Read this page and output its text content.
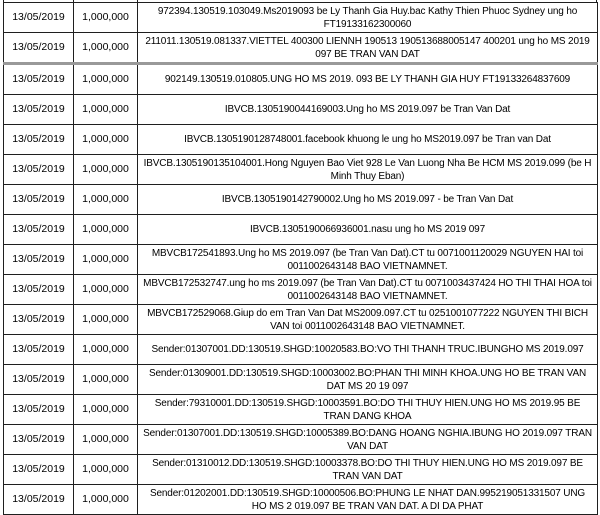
13/05/2019	1,000,000	972394.130519.103049.Ms2019093 be Ly Thanh Gia Huy.bac Kathy Thien Phuoc Sydney ung ho FT19133162300060
13/05/2019	1,000,000	211011.130519.081337.VIETTEL 400300 LIENNH 190513 190513688005147 400201 ung ho MS 2019 097 BE TRAN VAN DAT
13/05/2019	1,000,000	902149.130519.010805.UNG HO MS 2019. 093 BE LY THANH GIA HUY FT19133264837609
13/05/2019	1,000,000	IBVCB.1305190044169003.Ung ho MS 2019.097 be Tran Van Dat
13/05/2019	1,000,000	IBVCB.1305190128748001.facebook khuong le ung ho MS2019.097 be Tran van Dat
13/05/2019	1,000,000	IBVCB.1305190135104001.Hong Nguyen Bao Viet 928 Le Van Luong Nha Be HCM MS 2019.099 (be H Minh Thuy Eban)
13/05/2019	1,000,000	IBVCB.1305190142790002.Ung ho MS 2019.097 - be Tran Van Dat
13/05/2019	1,000,000	IBVCB.1305190066936001.nasu ung ho MS 2019 097
13/05/2019	1,000,000	MBVCB172541893.Ung ho MS 2019.097 (be Tran Van Dat).CT tu 0071001120029 NGUYEN HAI toi 0011002643148 BAO VIETNAMNET.
13/05/2019	1,000,000	MBVCB172532747.ung ho ms 2019.097 (be Tran Van Dat).CT tu 0071003437424 HO THI THAI HOA toi 0011002643148 BAO VIETNAMNET.
13/05/2019	1,000,000	MBVCB172529068.Giup do em Tran Van Dat MS2009.097.CT tu 0251001077222 NGUYEN THI BICH VAN toi 0011002643148 BAO VIETNAMNET.
13/05/2019	1,000,000	Sender:01307001.DD:130519.SHGD:10020583.BO:VO THI THANH TRUC.IBUNGHO MS 2019.097
13/05/2019	1,000,000	Sender:01309001.DD:130519.SHGD:10003002.BO:PHAN THI MINH KHOA.UNG HO BE TRAN VAN DAT MS 20 19 097
13/05/2019	1,000,000	Sender:79310001.DD:130519.SHGD:10003591.BO:DO THI THUY HIEN.UNG HO MS 2019.95 BE TRAN DANG KHOA
13/05/2019	1,000,000	Sender:01307001.DD:130519.SHGD:10005389.BO:DANG HOANG NGHIA.IBUNG HO 2019.097 TRAN VAN DAT
13/05/2019	1,000,000	Sender:01310012.DD:130519.SHGD:10003378.BO:DO THI THUY HIEN.UNG HO MS 2019.097 BE TRAN VAN DAT
13/05/2019	1,000,000	Sender:01202001.DD:130519.SHGD:10000506.BO:PHUNG LE NHAT DAN.995219051331507 UNG HO MS 2 019.097 BE TRAN VAN DAT. A DI DA PHAT
